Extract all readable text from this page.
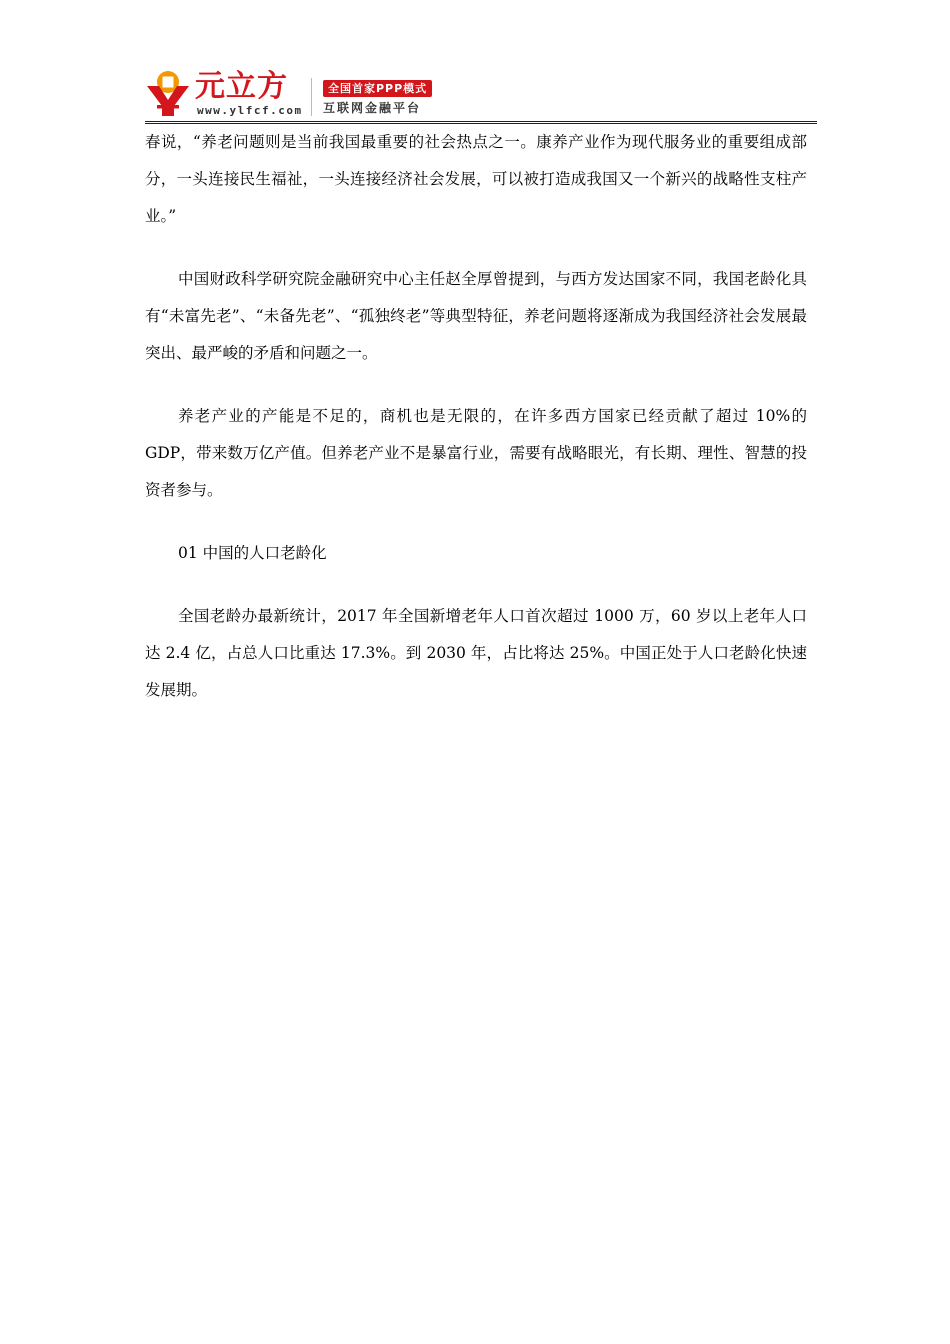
元立方
www.ylfcf.com
全国首家PPP模式
互联网金融平台

春说，“养老问题则是当前我国最重要的社会热点之一。康养产业作为现代服务业的重要组成部分，一头连接民生福祉，一头连接经济社会发展，可以被打造成我国又一个新兴的战略性支柱产业。”

中国财政科学研究院金融研究中心主任赵全厚曾提到，与西方发达国家不同，我国老龄化具有“未富先老”、“未备先老”、“孤独终老”等典型特征，养老问题将逐渐成为我国经济社会发展最突出、最严峻的矛盾和问题之一。

养老产业的产能是不足的，商机也是无限的，在许多西方国家已经贡献了超过 10%的GDP，带来数万亿产值。但养老产业不是暴富行业，需要有战略眼光，有长期、理性、智慧的投资者参与。

01 中国的人口老龄化

全国老龄办最新统计，2017 年全国新增老年人口首次超过 1000 万，60 岁以上老年人口达 2.4 亿，占总人口比重达 17.3%。到 2030 年，占比将达 25%。中国正处于人口老龄化快速发展期。
